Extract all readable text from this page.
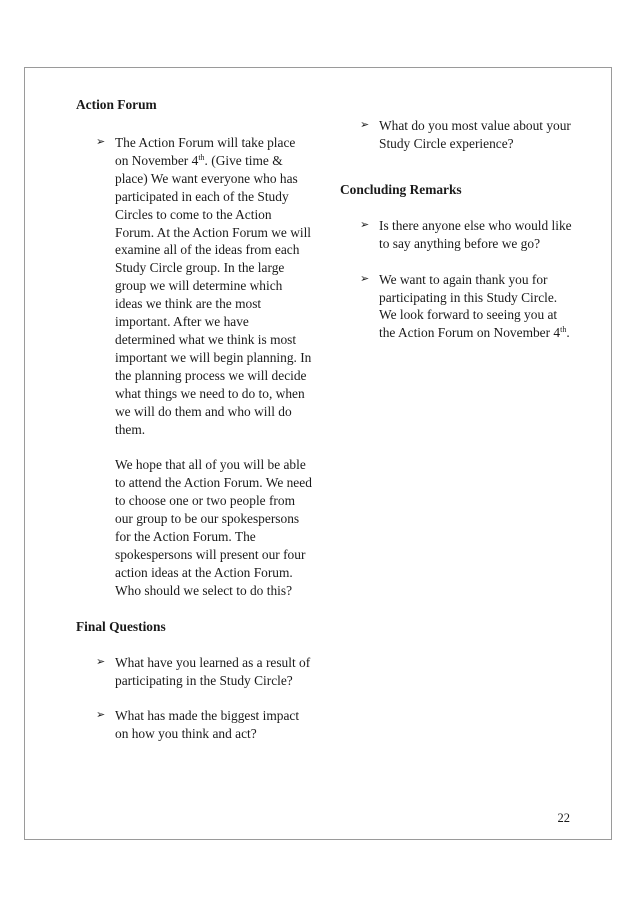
Action Forum

➢ The Action Forum will take place on November 4th. (Give time & place) We want everyone who has participated in each of the Study Circles to come to the Action Forum. At the Action Forum we will examine all of the ideas from each Study Circle group. In the large group we will determine which ideas we think are the most important. After we have determined what we think is most important we will begin planning. In the planning process we will decide what things we need to do to, when we will do them and who will do them.

We hope that all of you will be able to attend the Action Forum. We need to choose one or two people from our group to be our spokespersons for the Action Forum. The spokespersons will present our four action ideas at the Action Forum. Who should we select to do this?

Final Questions

➢ What have you learned as a result of participating in the Study Circle?

➢ What has made the biggest impact on how you think and act?

➢ What do you most value about your Study Circle experience?

Concluding Remarks

➢ Is there anyone else who would like to say anything before we go?

➢ We want to again thank you for participating in this Study Circle. We look forward to seeing you at the Action Forum on November 4th.

22
